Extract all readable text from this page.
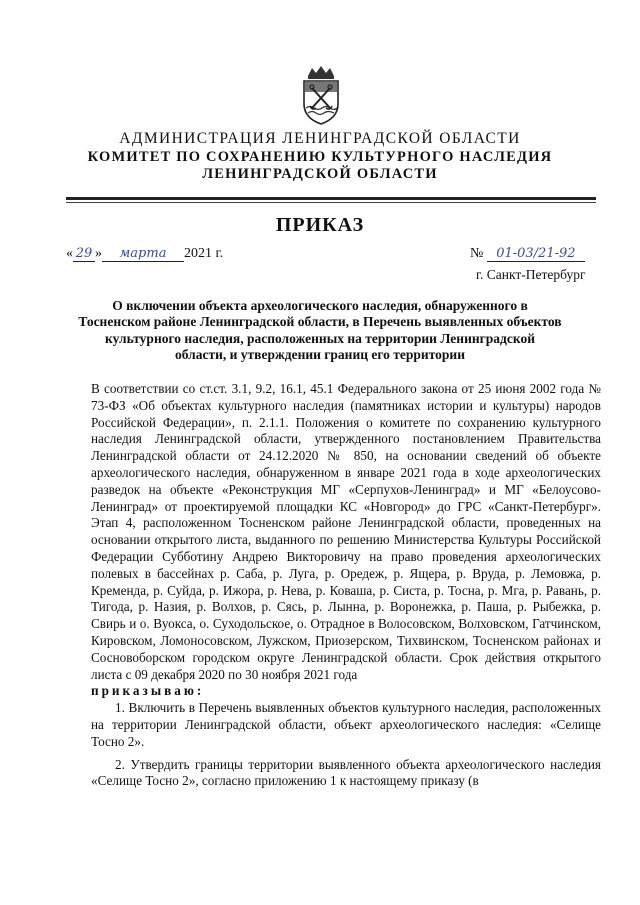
АДМИНИСТРАЦИЯ ЛЕНИНГРАДСКОЙ ОБЛАСТИ
КОМИТЕТ ПО СОХРАНЕНИЮ КУЛЬТУРНОГО НАСЛЕДИЯ
ЛЕНИНГРАДСКОЙ ОБЛАСТИ
ПРИКАЗ
« 29 » марта 2021 г.	№ 01-03/21-92
г. Санкт-Петербург
О включении объекта археологического наследия, обнаруженного в Тосненском районе Ленинградской области, в Перечень выявленных объектов культурного наследия, расположенных на территории Ленинградской области, и утверждении границ его территории

В соответствии со ст.ст. 3.1, 9.2, 16.1, 45.1 Федерального закона от 25 июня 2002 года № 73-ФЗ «Об объектах культурного наследия (памятниках истории и культуры) народов Российской Федерации», п. 2.1.1. Положения о комитете по сохранению культурного наследия Ленинградской области, утвержденного постановлением Правительства Ленинградской области от 24.12.2020 № 850, на основании сведений об объекте археологического наследия, обнаруженном в январе 2021 года в ходе археологических разведок на объекте «Реконструкция МГ «Серпухов-Ленинград» и МГ «Белоусово-Ленинград» от проектируемой площадки КС «Новгород» до ГРС «Санкт-Петербург». Этап 4, расположенном Тосненском районе Ленинградской области, проведенных на основании открытого листа, выданного по решению Министерства Культуры Российской Федерации Субботину Андрею Викторовичу на право проведения археологических полевых в бассейнах р. Саба, р. Луга, р. Оредеж, р. Ящера, р. Вруда, р. Лемовжа, р. Кременда, р. Суйда, р. Ижора, р. Нева, р. Коваша, р. Систа, р. Тосна, р. Мга, р. Равань, р. Тигода, р. Назия, р. Волхов, р. Сясь, р. Лынна, р. Воронежка, р. Паша, р. Рыбежка, р. Свирь и о. Вуокса, о. Суходольское, о. Отрадное в Волосовском, Волховском, Гатчинском, Кировском, Ломоносовском, Лужском, Приозерском, Тихвинском, Тосненском районах и Сосновоборском городском округе Ленинградской области. Срок действия открытого листа с 09 декабря 2020 по 30 ноября 2021 года

приказываю:

1. Включить в Перечень выявленных объектов культурного наследия, расположенных на территории Ленинградской области, объект археологического наследия: «Селище Тосно 2».

2. Утвердить границы территории выявленного объекта археологического наследия «Селище Тосно 2», согласно приложению 1 к настоящему приказу (в
